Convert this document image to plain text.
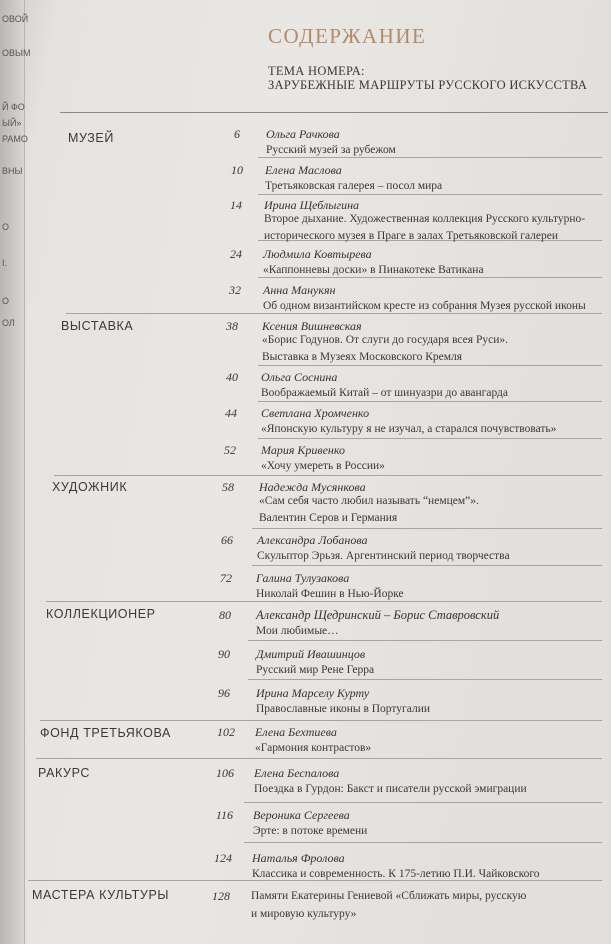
ОВОЙ
ОВЫМ
Й ФО
ЫЙ»
РАМО
ВНЫ
О
І.
О
ОЛ
СОДЕРЖАНИЕ
ТЕМА НОМЕРА:
ЗАРУБЕЖНЫЕ МАРШРУТЫ РУССКОГО ИСКУССТВА
МУЗЕЙ
ВЫСТАВКА
ХУДОЖНИК
КОЛЛЕКЦИОНЕР
ФОНД ТРЕТЬЯКОВА
РАКУРС
МАСТЕРА КУЛЬТУРЫ
6 Ольга Рачкова
Русский музей за рубежом
10 Елена Маслова
Третьяковская галерея – посол мира
14 Ирина Щеблыгина
Второе дыхание. Художественная коллекция Русского культурно-исторического музея в Праге в залах Третьяковской галереи
24 Людмила Ковтырева
«Каппонневы доски» в Пинакотеке Ватикана
32 Анна Манукян
Об одном византийском кресте из собрания Музея русской иконы
38 Ксения Вишневская
«Борис Годунов. От слуги до государя всея Руси». Выставка в Музеях Московского Кремля
40 Ольга Соснина
Воображаемый Китай – от шинуазри до авангарда
44 Светлана Хромченко
«Японскую культуру я не изучал, а старался почувствовать»
52 Мария Кривенко
«Хочу умереть в России»
58 Надежда Мусянкова
«Сам себя часто любил называть “немцем”». Валентин Серов и Германия
66 Александра Лобанова
Скульптор Эрьзя. Аргентинский период творчества
72 Галина Тулузакова
Николай Фешин в Нью-Йорке
80 Александр Щедринский – Борис Ставровский
Мои любимые…
90 Дмитрий Ивашинцов
Русский мир Рене Герра
96 Ирина Марселу Курту
Православные иконы в Португалии
102 Елена Бехтиева
«Гармония контрастов»
106 Елена Беспалова
Поездка в Гурдон: Бакст и писатели русской эмиграции
116 Вероника Сергеева
Эрте: в потоке времени
124 Наталья Фролова
Классика и современность. К 175-летию П.И. Чайковского
128 Памяти Екатерины Гениевой «Сближать миры, русскую и мировую культуру»
